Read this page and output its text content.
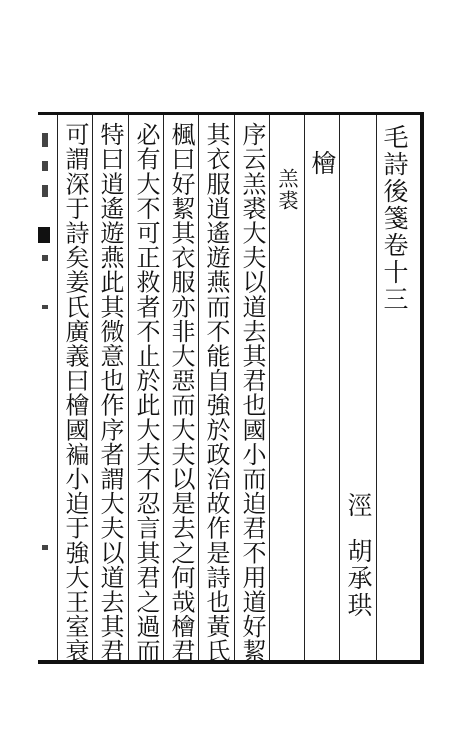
毛詩後箋卷十三
檜
涇
胡承珙
羔裘
序云羔裘大夫以道去其君也國小而迫君不用道好絜
其衣服逍遙遊燕而不能自強於政治故作是詩也黃氏
楓曰好絜其衣服亦非大惡而大夫以是去之何哉檜君
必有大不可正救者不止於此大夫不忍言其君之過而
特曰逍遙遊燕此其微意也作序者謂大夫以道去其君
可謂深于詩矣姜氏廣義曰檜國褊小迫于強大王室衰
